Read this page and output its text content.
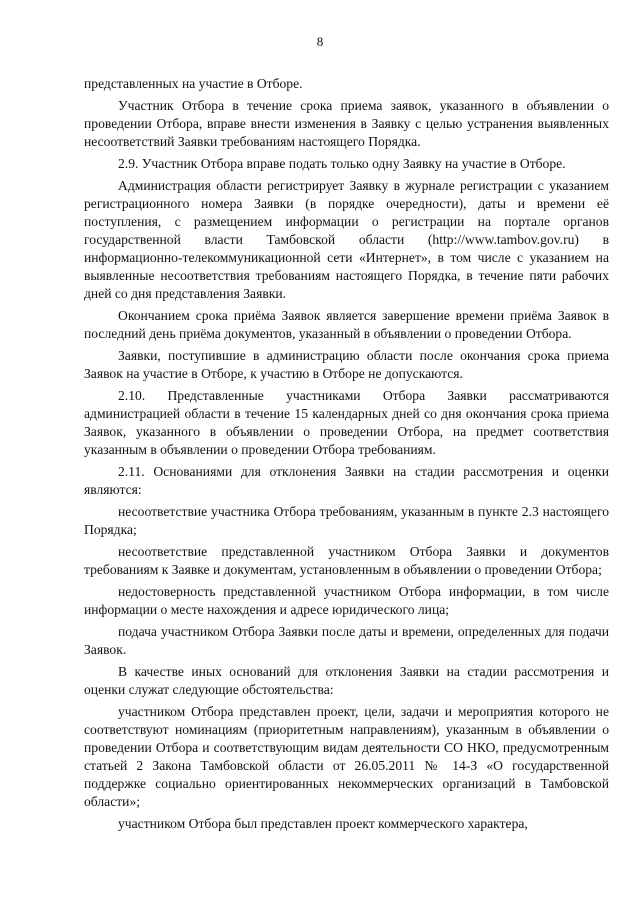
8

представленных на участие в Отборе.

Участник Отбора в течение срока приема заявок, указанного в объявлении о проведении Отбора, вправе внести изменения в Заявку с целью устранения выявленных несоответствий Заявки требованиям настоящего Порядка.

2.9. Участник Отбора вправе подать только одну Заявку на участие в Отборе.

Администрация области регистрирует Заявку в журнале регистрации с указанием регистрационного номера Заявки (в порядке очередности), даты и времени её поступления, с размещением информации о регистрации на портале органов государственной власти Тамбовской области (http://www.tambov.gov.ru) в информационно-телекоммуникационной сети «Интернет», в том числе с указанием на выявленные несоответствия требованиям настоящего Порядка, в течение пяти рабочих дней со дня представления Заявки.

Окончанием срока приёма Заявок является завершение времени приёма Заявок в последний день приёма документов, указанный в объявлении о проведении Отбора.

Заявки, поступившие в администрацию области после окончания срока приема Заявок на участие в Отборе, к участию в Отборе не допускаются.

2.10. Представленные участниками Отбора Заявки рассматриваются администрацией области в течение 15 календарных дней со дня окончания срока приема Заявок, указанного в объявлении о проведении Отбора, на предмет соответствия указанным в объявлении о проведении Отбора требованиям.

2.11. Основаниями для отклонения Заявки на стадии рассмотрения и оценки являются:

несоответствие участника Отбора требованиям, указанным в пункте 2.3 настоящего Порядка;

несоответствие представленной участником Отбора Заявки и документов требованиям к Заявке и документам, установленным в объявлении о проведении Отбора;

недостоверность представленной участником Отбора информации, в том числе информации о месте нахождения и адресе юридического лица;

подача участником Отбора Заявки после даты и времени, определенных для подачи Заявок.

В качестве иных оснований для отклонения Заявки на стадии рассмотрения и оценки служат следующие обстоятельства:

участником Отбора представлен проект, цели, задачи и мероприятия которого не соответствуют номинациям (приоритетным направлениям), указанным в объявлении о проведении Отбора и соответствующим видам деятельности СО НКО, предусмотренным статьей 2 Закона Тамбовской области от 26.05.2011 № 14-З «О государственной поддержке социально ориентированных некоммерческих организаций в Тамбовской области»;

участником Отбора был представлен проект коммерческого характера,
